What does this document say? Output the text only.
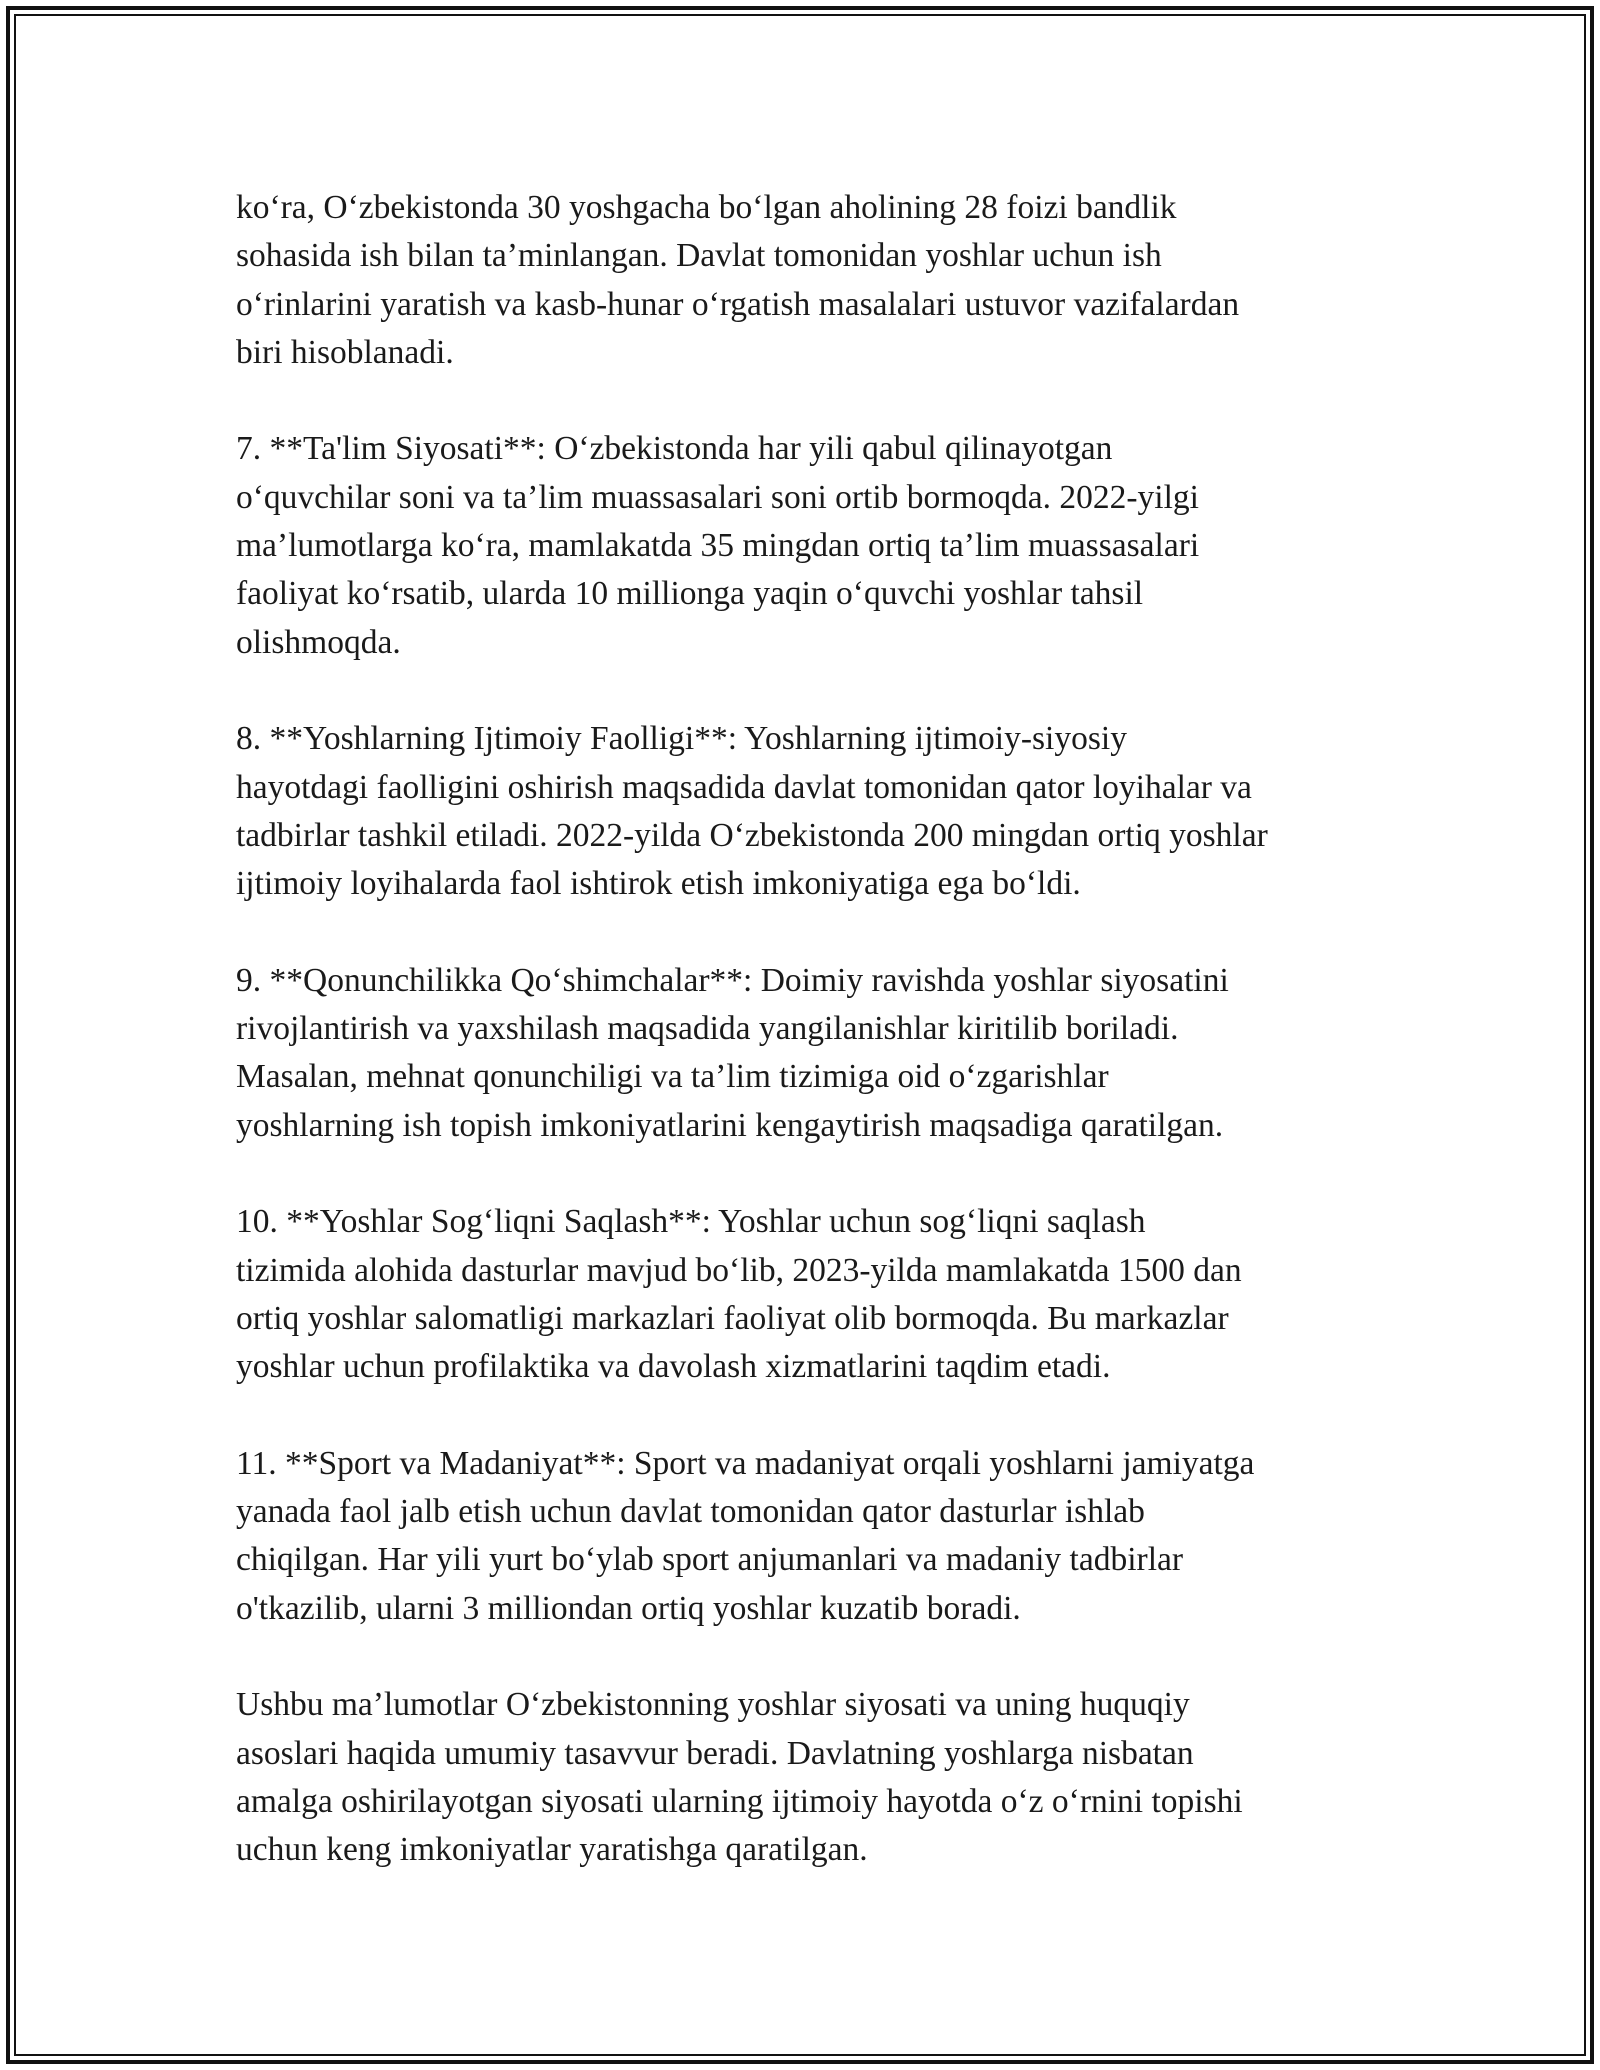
ko‘ra, O‘zbekistonda 30 yoshgacha bo‘lgan aholining 28 foizi bandlik
sohasida ish bilan ta’minlangan. Davlat tomonidan yoshlar uchun ish
o‘rinlarini yaratish va kasb-hunar o‘rgatish masalalari ustuvor vazifalardan
biri hisoblanadi.

7. **Ta'lim Siyosati**: O‘zbekistonda har yili qabul qilinayotgan
o‘quvchilar soni va ta’lim muassasalari soni ortib bormoqda. 2022-yilgi
ma’lumotlarga ko‘ra, mamlakatda 35 mingdan ortiq ta’lim muassasalari
faoliyat ko‘rsatib, ularda 10 millionga yaqin o‘quvchi yoshlar tahsil
olishmoqda.

8. **Yoshlarning Ijtimoiy Faolligi**: Yoshlarning ijtimoiy-siyosiy
hayotdagi faolligini oshirish maqsadida davlat tomonidan qator loyihalar va
tadbirlar tashkil etiladi. 2022-yilda O‘zbekistonda 200 mingdan ortiq yoshlar
ijtimoiy loyihalarda faol ishtirok etish imkoniyatiga ega bo‘ldi.

9. **Qonunchilikka Qo‘shimchalar**: Doimiy ravishda yoshlar siyosatini
rivojlantirish va yaxshilash maqsadida yangilanishlar kiritilib boriladi.
Masalan, mehnat qonunchiligi va ta’lim tizimiga oid o‘zgarishlar
yoshlarning ish topish imkoniyatlarini kengaytirish maqsadiga qaratilgan.

10. **Yoshlar Sog‘liqni Saqlash**: Yoshlar uchun sog‘liqni saqlash
tizimida alohida dasturlar mavjud bo‘lib, 2023-yilda mamlakatda 1500 dan
ortiq yoshlar salomatligi markazlari faoliyat olib bormoqda. Bu markazlar
yoshlar uchun profilaktika va davolash xizmatlarini taqdim etadi.

11. **Sport va Madaniyat**: Sport va madaniyat orqali yoshlarni jamiyatga
yanada faol jalb etish uchun davlat tomonidan qator dasturlar ishlab
chiqilgan. Har yili yurt bo‘ylab sport anjumanlari va madaniy tadbirlar
o'tkazilib, ularni 3 milliondan ortiq yoshlar kuzatib boradi.

Ushbu ma’lumotlar O‘zbekistonning yoshlar siyosati va uning huquqiy
asoslari haqida umumiy tasavvur beradi. Davlatning yoshlarga nisbatan
amalga oshirilayotgan siyosati ularning ijtimoiy hayotda o‘z o‘rnini topishi
uchun keng imkoniyatlar yaratishga qaratilgan.
